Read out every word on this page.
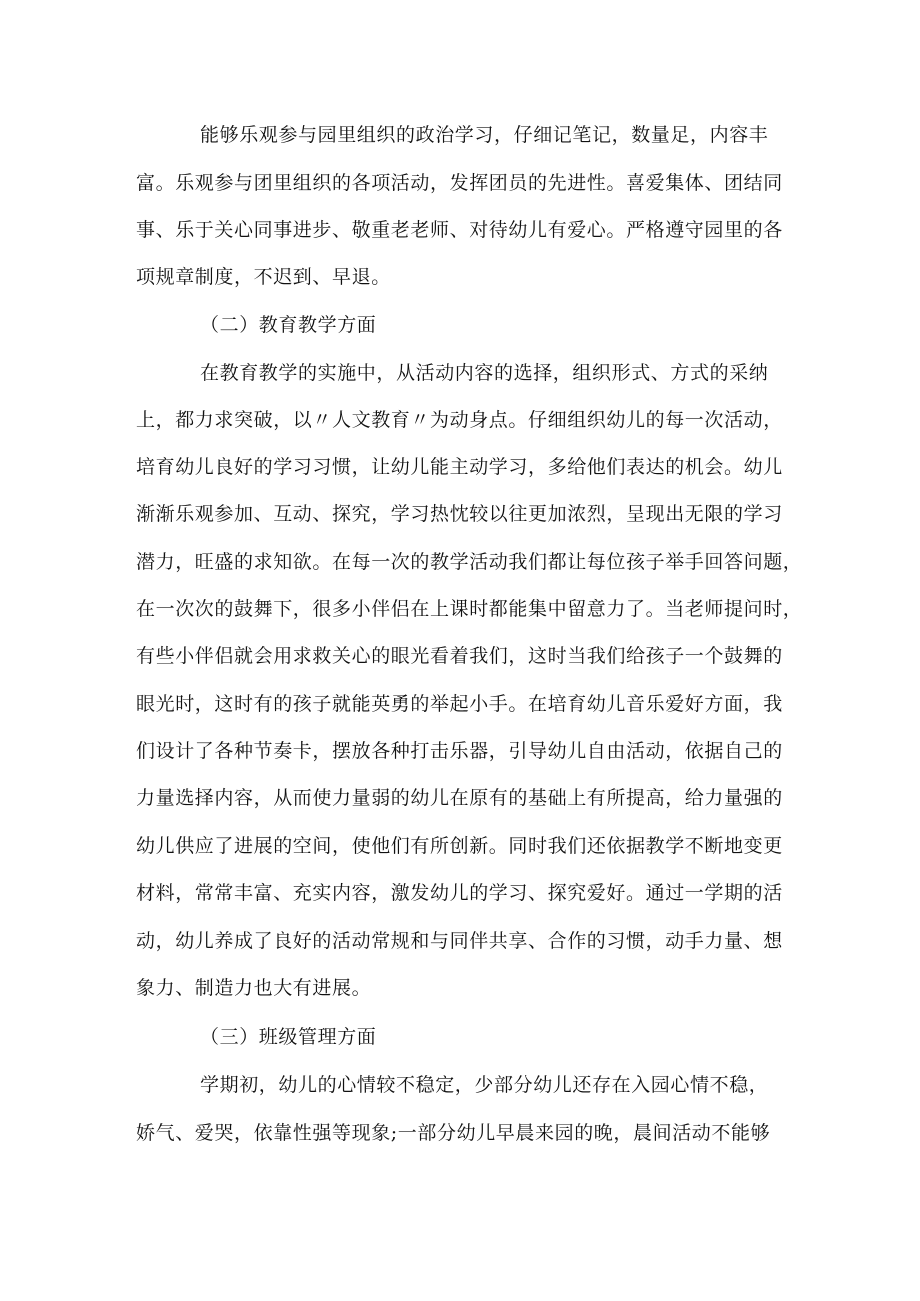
能够乐观参与园里组织的政治学习，仔细记笔记，数量足，内容丰
富。乐观参与团里组织的各项活动，发挥团员的先进性。喜爱集体、团结同
事、乐于关心同事进步、敬重老老师、对待幼儿有爱心。严格遵守园里的各
项规章制度，不迟到、早退。
（二）教育教学方面
在教育教学的实施中，从活动内容的选择，组织形式、方式的采纳
上，都力求突破，以〃人文教育〃为动身点。仔细组织幼儿的每一次活动，
培育幼儿良好的学习习惯，让幼儿能主动学习，多给他们表达的机会。幼儿
渐渐乐观参加、互动、探究，学习热忱较以往更加浓烈，呈现出无限的学习
潜力，旺盛的求知欲。在每一次的教学活动我们都让每位孩子举手回答问题，
在一次次的鼓舞下，很多小伴侣在上课时都能集中留意力了。当老师提问时，
有些小伴侣就会用求救关心的眼光看着我们，这时当我们给孩子一个鼓舞的
眼光时，这时有的孩子就能英勇的举起小手。在培育幼儿音乐爱好方面，我
们设计了各种节奏卡，摆放各种打击乐器，引导幼儿自由活动，依据自己的
力量选择内容，从而使力量弱的幼儿在原有的基础上有所提高，给力量强的
幼儿供应了进展的空间，使他们有所创新。同时我们还依据教学不断地变更
材料，常常丰富、充实内容，激发幼儿的学习、探究爱好。通过一学期的活
动，幼儿养成了良好的活动常规和与同伴共享、合作的习惯，动手力量、想
象力、制造力也大有进展。
（三）班级管理方面
学期初，幼儿的心情较不稳定，少部分幼儿还存在入园心情不稳，
娇气、爱哭，依靠性强等现象;一部分幼儿早晨来园的晚，晨间活动不能够
